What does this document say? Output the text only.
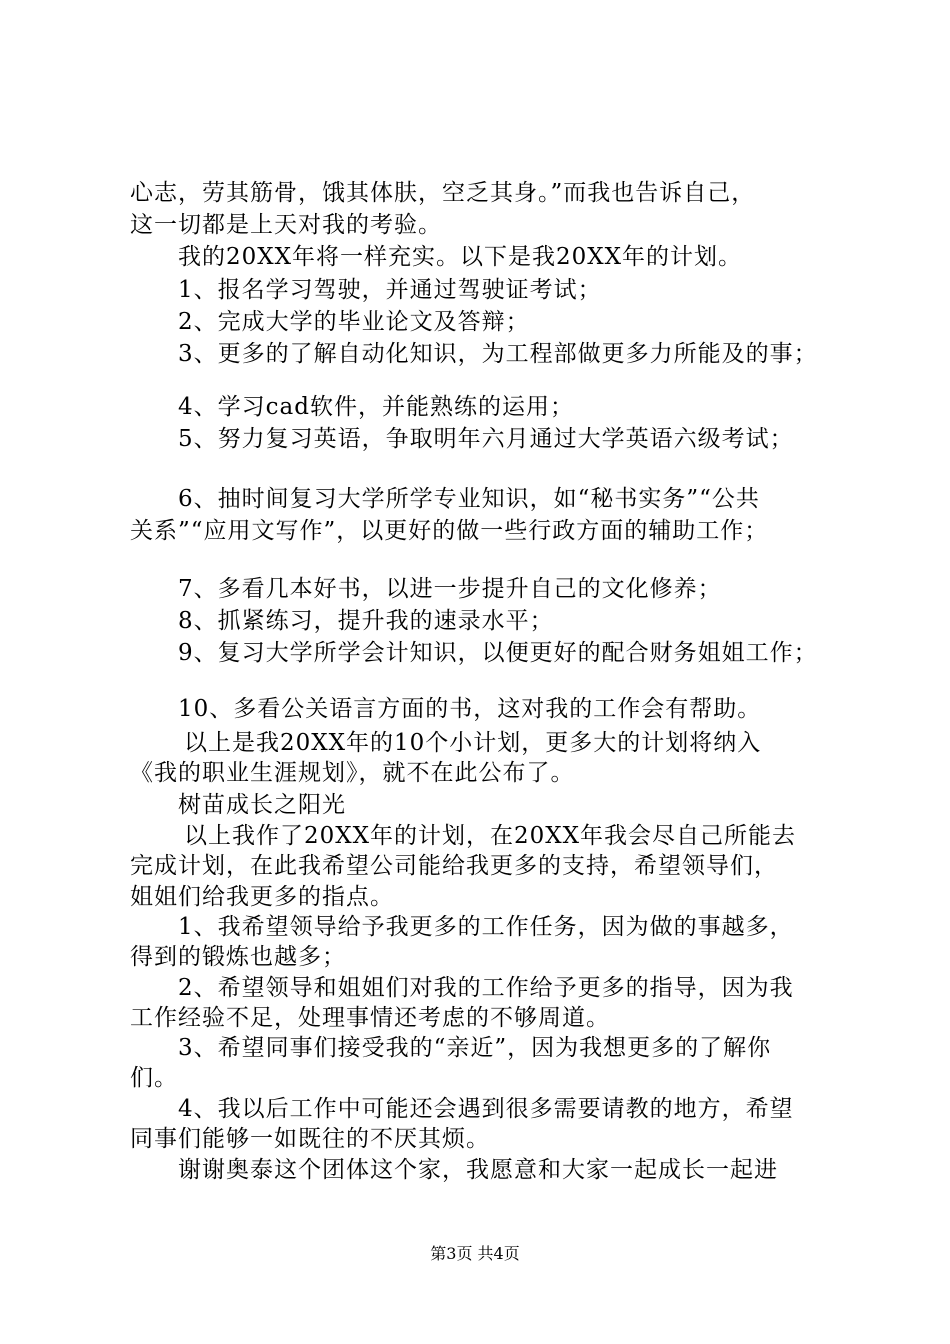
心志，劳其筋骨，饿其体肤，空乏其身。”而我也告诉自己，

这一切都是上天对我的考验。

我的20XX年将一样充实。以下是我20XX年的计划。

1、报名学习驾驶，并通过驾驶证考试；

2、完成大学的毕业论文及答辩；

3、更多的了解自动化知识，为工程部做更多力所能及的事；

4、学习cad软件，并能熟练的运用；

5、努力复习英语，争取明年六月通过大学英语六级考试；

6、抽时间复习大学所学专业知识，如“秘书实务”“公共

关系”“应用文写作”，以更好的做一些行政方面的辅助工作；

7、多看几本好书，以进一步提升自己的文化修养；

8、抓紧练习，提升我的速录水平；

9、复习大学所学会计知识，以便更好的配合财务姐姐工作；

10、多看公关语言方面的书，这对我的工作会有帮助。

以上是我20XX年的10个小计划，更多大的计划将纳入

《我的职业生涯规划》，就不在此公布了。

树苗成长之阳光

以上我作了20XX年的计划，在20XX年我会尽自己所能去

完成计划，在此我希望公司能给我更多的支持，希望领导们，

姐姐们给我更多的指点。

1、我希望领导给予我更多的工作任务，因为做的事越多，

得到的锻炼也越多；

2、希望领导和姐姐们对我的工作给予更多的指导，因为我

工作经验不足，处理事情还考虑的不够周道。

3、希望同事们接受我的“亲近”，因为我想更多的了解你

们。

4、我以后工作中可能还会遇到很多需要请教的地方，希望

同事们能够一如既往的不厌其烦。

谢谢奥泰这个团体这个家，我愿意和大家一起成长一起进

第3页 共4页
